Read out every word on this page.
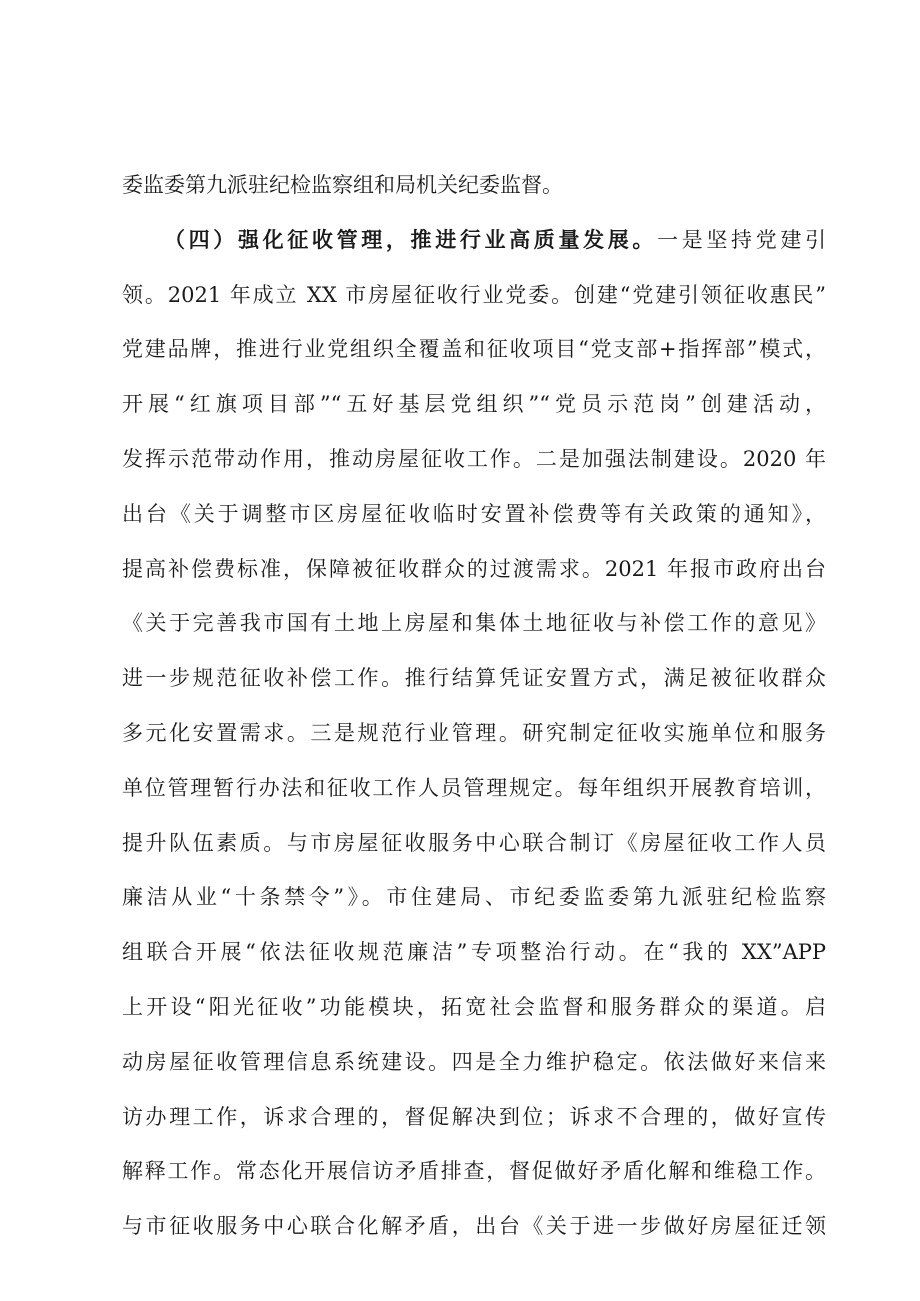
委监委第九派驻纪检监察组和局机关纪委监督。
（四）强化征收管理，推进行业高质量发展。一是坚持党建引
领。2021 年成立 XX 市房屋征收行业党委。创建“党建引领征收惠民”
党建品牌，推进行业党组织全覆盖和征收项目“党支部+指挥部”模式，
开展“红旗项目部”“五好基层党组织”“党员示范岗”创建活动，
发挥示范带动作用，推动房屋征收工作。二是加强法制建设。2020 年
出台《关于调整市区房屋征收临时安置补偿费等有关政策的通知》，
提高补偿费标准，保障被征收群众的过渡需求。2021 年报市政府出台
《关于完善我市国有土地上房屋和集体土地征收与补偿工作的意见》
进一步规范征收补偿工作。推行结算凭证安置方式，满足被征收群众
多元化安置需求。三是规范行业管理。研究制定征收实施单位和服务
单位管理暂行办法和征收工作人员管理规定。每年组织开展教育培训，
提升队伍素质。与市房屋征收服务中心联合制订《房屋征收工作人员
廉洁从业“十条禁令”》。市住建局、市纪委监委第九派驻纪检监察
组联合开展“依法征收规范廉洁”专项整治行动。在“我的 XX”APP
上开设“阳光征收”功能模块，拓宽社会监督和服务群众的渠道。启
动房屋征收管理信息系统建设。四是全力维护稳定。依法做好来信来
访办理工作，诉求合理的，督促解决到位；诉求不合理的，做好宣传
解释工作。常态化开展信访矛盾排查，督促做好矛盾化解和维稳工作。
与市征收服务中心联合化解矛盾，出台《关于进一步做好房屋征迁领
